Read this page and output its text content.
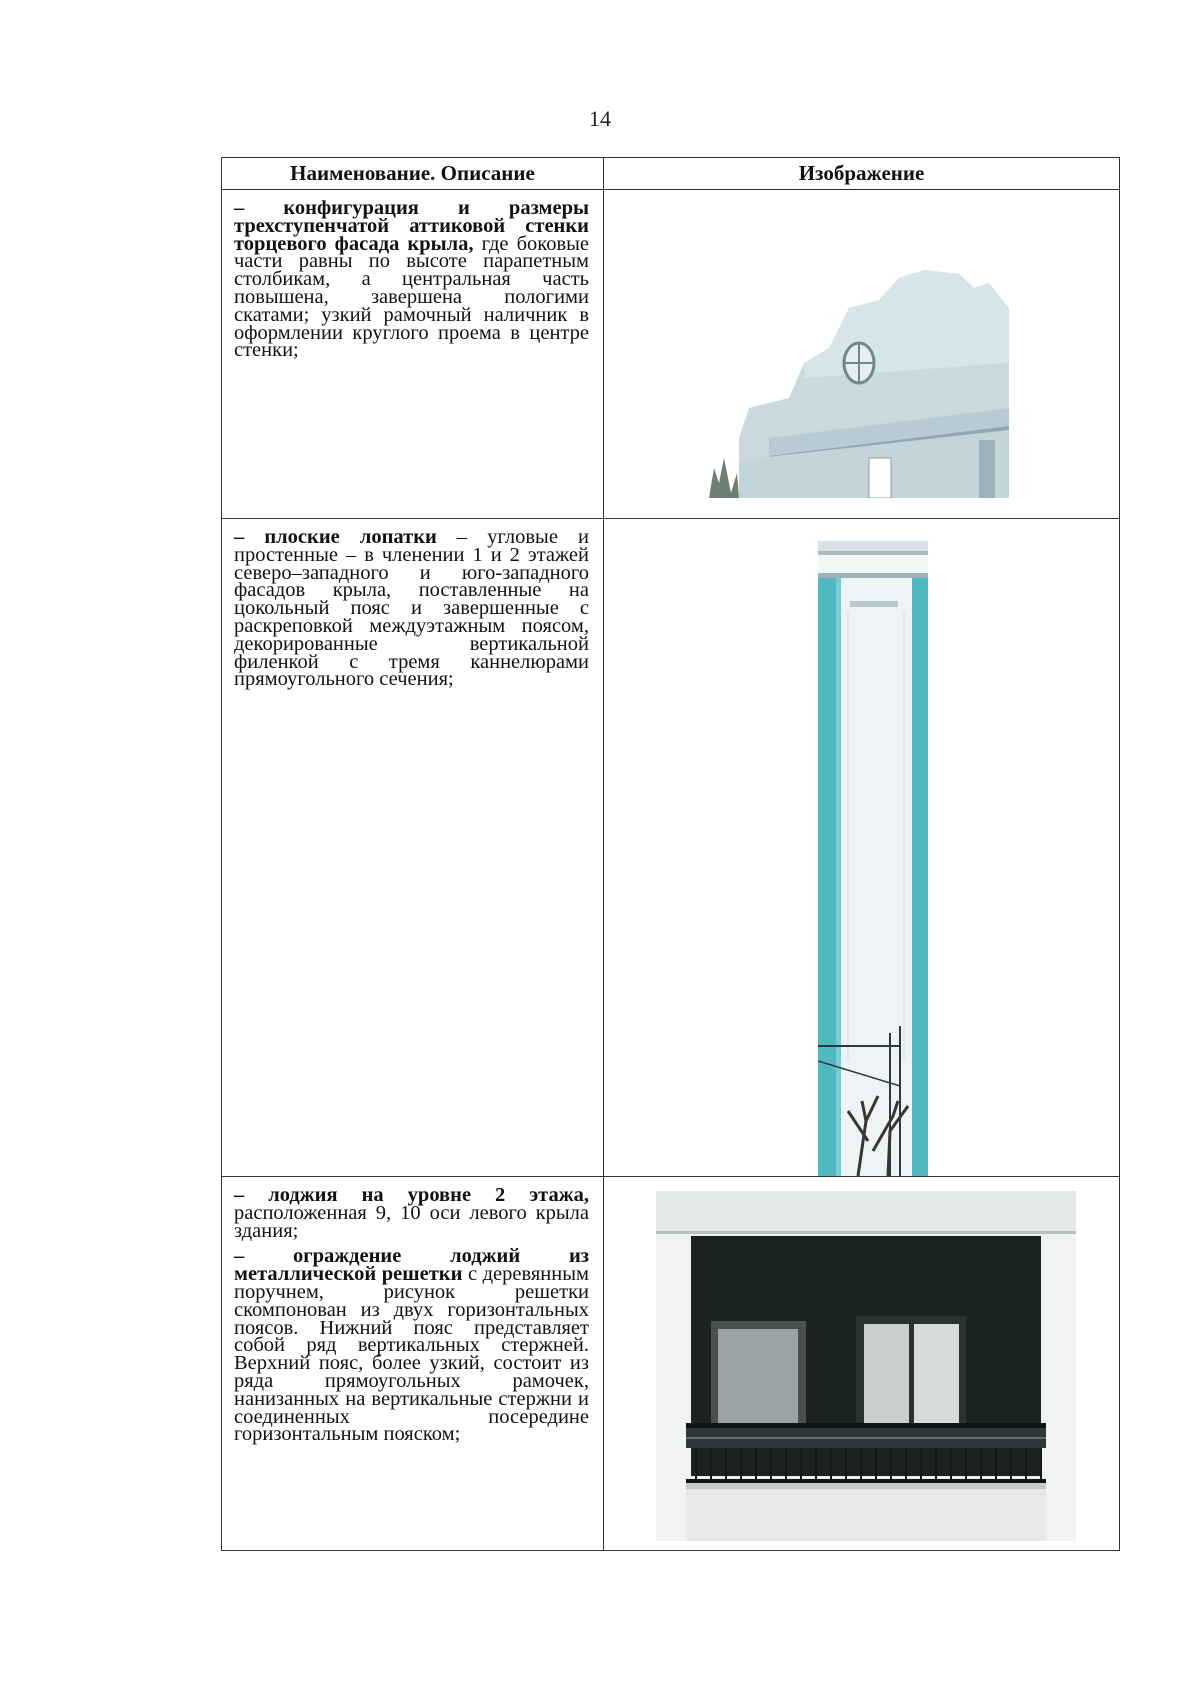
14
Наименование. Описание	Изображение

– конфигурация и размеры трехступенчатой аттиковой стенки торцевого фасада крыла, где боковые части равны по высоте парапетным столбикам, а центральная часть повышена, завершена пологими скатами; узкий рамочный наличник в оформлении круглого проема в центре стенки;

– плоские лопатки – угловые и простенные – в членении 1 и 2 этажей северо–западного и юго-западного фасадов крыла, поставленные на цокольный пояс и завершенные с раскреповкой междуэтажным поясом, декорированные вертикальной филенкой с тремя каннелюрами прямоугольного сечения;

– лоджия на уровне 2 этажа, расположенная 9, 10 оси левого крыла здания;

– ограждение лоджий из металлической решетки с деревянным поручнем, рисунок решетки скомпонован из двух горизонтальных поясов. Нижний пояс представляет собой ряд вертикальных стержней. Верхний пояс, более узкий, состоит из ряда прямоугольных рамочек, нанизанных на вертикальные стержни и соединенных посередине горизонтальным пояском;
